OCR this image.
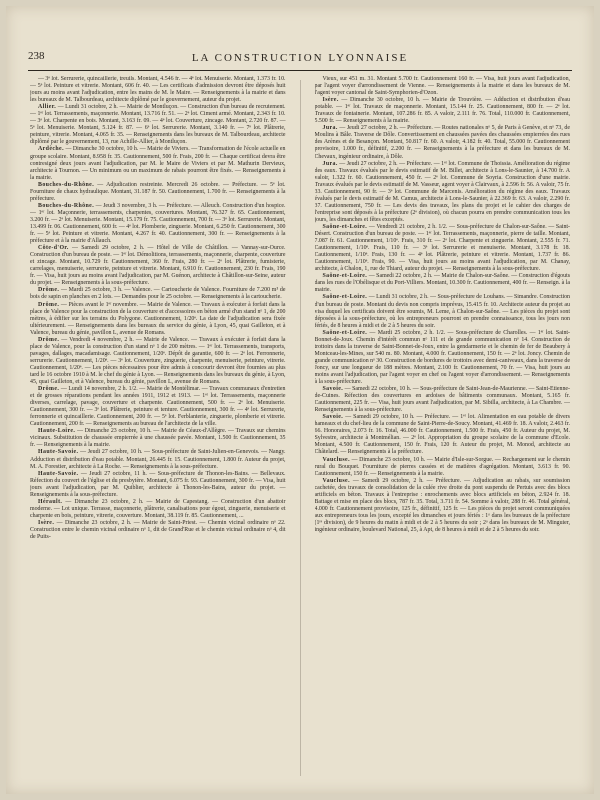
238	LA CONSTRUCTION LYONNAISE

— 3ᵉ lot. Serrurerie, quincaillerie, treuils. Montant, 4.546 fr. — 4ᵉ lot. Menuiserie. Montant, 1.373 fr. 10. — 5ᵉ lot. Peinture et vitrerie. Montant, 606 fr. 40. — Les certificats d'admission devront être déposés huit jours au moins avant l'adjudication, entre les mains de M. le Maire. — Renseignements à la mairie et dans les bureaux de M. Talbourdeau, architecte diplômé par le gouvernement, auteur du projet.

Allier. — Lundi 31 octobre, 2 h. — Mairie de Montluçon. — Construction d'un bureau de recrutement. — 1ᵉʳ lot. Terrassements, maçonnerie. Montant, 13.716 fr. 51. — 2ᵉ lot. Ciment armé. Montant, 2.343 fr. 10. — 3ᵉ lot. Charpente en bois. Montant, 3.163 fr. 09. — 4ᵉ lot. Couverture, zincage. Montant, 2.720 fr. 87. — 5ᵉ lot. Menuiserie. Montant, 5.124 fr. 87. — 6ᵉ lot. Serrurerie. Montant, 3.140 fr. — 7ᵉ lot. Plâtrerie, peinture, vitrerie. Montant, 4.065 fr. 35. — Renseignements dans les bureaux de M. Talbourdeau, architecte diplômé par le gouvernement, 13, rue Achille-Allier, à Montluçon.

Ardèche. — Dimanche 30 octobre, 10 h. — Mairie de Viviers. — Transformation de l'école actuelle en groupe scolaire. Montant, 8.958 fr. 35. Cautionnement, 500 fr. Frais, 200 fr. — Chaque certificat devra être contresigné deux jours avant l'adjudication, par M. le Maire de Viviers et par M. Mathurin Dervieux, architecte à Tournon. — Un minimum ou un maximum de rabais pourront être fixés. — Renseignements à la mairie.

Bouches-du-Rhône. — Adjudication restreinte. Mercredi 26 octobre. — Préfecture. — 5ᵉ lot. Fourniture de chaux hydraulique. Montant, 31.187 fr. 50. Cautionnement, 1.700 fr. — Renseignements à la préfecture.

Bouches-du-Rhône. — Jeudi 3 novembre, 3 h. — Préfecture. — Alleuch. Construction d'un hospice. — 1ᵉʳ lot. Maçonnerie, terrassements, charpentes, couvertures. Montant, 76.327 fr. 65. Cautionnement, 3.200 fr. — 2ᵉ lot. Menuiserie. Montant, 15.179 fr. 75. Cautionnement, 700 fr. — 3ᵉ lot. Serrurerie. Montant, 13.499 fr. 06. Cautionnement, 600 fr. — 4ᵉ lot. Plomberie, zinguerie. Montant, 6.250 fr. Cautionnement, 300 fr. — 5ᵉ lot. Peinture et vitrerie. Montant, 4.267 fr. 40. Cautionnement, 300 fr. — Renseignements à la préfecture et à la mairie d'Allauch.

Côte-d'Or. — Samedi 29 octobre, 2 h. — Hôtel de Ville de Châtillon. — Vannay-sur-Ource. Construction d'un bureau de poste. — 1ᵉʳ lot. Démolitions, terrassements, maçonnerie, charpente, couverture et zincage. Montant, 10.729 fr. Cautionnement, 360 fr. Frais, 280 fr. — 2ᵉ lot. Plâtrerie, fumisterie, carrelages, menuiserie, serrurerie, peinture et vitrerie. Montant, 6.910 fr. Cautionnement, 230 fr. Frais, 190 fr. — Visa, huit jours au moins avant l'adjudication, par M. Guénon, architecte à Châtillon-sur-Seine, auteur du projet. — Renseignements à la sous-préfecture.

Drôme. — Mardi 25 octobre, 3 h. — Valence. — Cartoucherie de Valence. Fourniture de 7.200 m³ de bois de sapin en planches en 2 lots. — Demandes pour le 25 octobre. — Renseignements à la cartoucherie.

Drôme. — Pièces avant le 1ᵉʳ novembre. — Mairie de Valence. — Travaux à exécuter à forfait dans la place de Valence pour la construction de la couverture et d'accessoires en béton armé d'un stand nᵒ 1, de 200 mètres, à édifier sur les terrains du Polygone. Cautionnement, 1/20ᵉ. La date de l'adjudication sera fixée ultérieurement. — Renseignements dans les bureaux du service du génie, à Lyon, 45, quai Gailleton, et à Valence, bureau du génie, pavillon L, avenue de Romans.

Drôme. — Vendredi 4 novembre, 2 h. — Mairie de Valence. — Travaux à exécuter à forfait dans la place de Valence, pour la construction d'un stand nᵒ 1 de 200 mètres. — 1ᵉʳ lot. Terrassements, transports, pavages, dallages, macadamisage. Cautionnement, 1/20ᵉ. Dépôt de garantie, 600 fr. — 2ᵉ lot. Ferronnerie, serrurerie. Cautionnement, 1/20ᵉ. — 3ᵉ lot. Couverture, zinguerie, charpente, menuiserie, peinture, vitrerie. Cautionnement, 1/20ᵉ. — Les pièces nécessaires pour être admis à concourir devront être fournies au plus tard le 16 octobre 1910 à M. le chef du génie à Lyon. — Renseignements dans les bureaux du génie, à Lyon, 45, quai Gailleton, et à Valence, bureau du génie, pavillon L, avenue de Romans.

Drôme. — Lundi 14 novembre, 2 h. 1/2. — Mairie de Montélimar. — Travaux communaux d'entretien et de grosses réparations pendant les années 1911, 1912 et 1913. — 1ᵉʳ lot. Terrassements, maçonnerie diverses, carrelage, pavage, couverture et charpente. Cautionnement, 500 fr. — 2ᵉ lot. Menuiserie. Cautionnement, 300 fr. — 3ᵉ lot. Plâtrerie, peinture et tenture. Cautionnement, 300 fr. — 4ᵉ lot. Serrurerie, ferronnerie et quincaillerie. Cautionnement, 200 fr. — 5ᵉ lot. Ferblanterie, zinguerie, plomberie et vitrerie. Cautionnement, 200 fr. — Renseignements au bureau de l'architecte de la ville.

Haute-Loire. — Dimanche 23 octobre, 10 h. — Mairie de Céaux-d'Allègre. — Travaux sur chemins vicinaux. Substitution de chaussée empierrée à une chaussée pavée. Montant, 1.500 fr. Cautionnement, 35 fr. — Renseignements à la mairie.

Haute-Savoie. — Jeudi 27 octobre, 10 h. — Sous-préfecture de Saint-Julien-en-Genevois. — Nangy. Adduction et distribution d'eau potable. Montant, 26.445 fr. 15. Cautionnement, 1.800 fr. Auteur du projet, M. A. Forestier, architecte à La Roche. — Renseignements à la sous-préfecture.

Haute-Savoie. — Jeudi 27 octobre, 11 h. — Sous-préfecture de Thonon-les-Bains. — Bellevaux. Réfection du couvert de l'église et du presbytère. Montant, 6.075 fr. 93. Cautionnement, 300 fr. — Visa, huit jours avant l'adjudication, par M. Quiblier, architecte à Thonon-les-Bains, auteur du projet. — Renseignements à la sous-préfecture.

Hérault. — Dimanche 23 octobre, 2 h. — Mairie de Capestang. — Construction d'un abattoir moderne. — Lot unique. Terrasse, maçonnerie, plâtrerie, canalisations pour égout, zinguerie, menuiserie et charpente en bois, peinture, vitrerie, couverture. Montant, 38.119 fr. 85. Cautionnement, ...

Isère. — Dimanche 23 octobre, 2 h. — Mairie de Saint-Priest. — Chemin vicinal ordinaire nᵒ 22. Construction entre le chemin vicinal ordinaire nᵒ 1, dit de Grand'Rue et le chemin vicinal ordinaire nᵒ 4, dit de Puits-

Vieux, sur 451 m. 31. Montant 5.700 fr. Cautionnement 160 fr. — Visa, huit jours avant l'adjudication, par l'agent voyer d'arrondissement de Vienne. — Renseignements à la mairie et dans les bureaux de M. l'agent voyer cantonal de Saint-Symphorien-d'Ozon.

Isère. — Dimanche 30 octobre, 10 h. — Mairie de Trouvière. — Adduction et distribution d'eau potable. — 1ᵉʳ lot. Travaux de maçonnerie. Montant, 15.144 fr. 25. Cautionnement, 800 fr. — 2ᵉ lot. Travaux de fontainerie. Montant, 107.286 fr. 85. A valoir, 2.111 fr. 76. Total, 110.000 fr. Cautionnement, 5.500 fr. — Renseignements à la mairie.

Jura. — Jeudi 27 octobre, 2 h. — Préfecture. — Routes nationales nᵒ 5, de Paris à Genève, et nᵒ 73, de Moulins à Bâle. Traverse de Dôle. Convertissement en chaussées pavées des chaussées empierrées des rues des Arènes et de Besançon. Montant, 50.817 fr. 60. A valoir, 4.182 fr. 40. Total, 55.000 fr. Cautionnement provisoire, 1.000 fr., définitif, 2.200 fr. — Renseignements à la préfecture et dans les bureaux de M. Chevaux, ingénieur ordinaire, à Dôle.

Jura. — Jeudi 27 octobre, 2 h. — Préfecture. — 1ᵉʳ lot. Commune de Thoissia. Amélioration du régime des eaux. Travaux évalués par le devis estimatif de M. Billet, architecte à Lons-le-Saunier, à 14.700 fr. A valoir, 1.322 fr. 60. Cautionnement, 450 fr. — 2ᵉ lot. Commune de Soyria. Construction d'une mairie. Travaux évalués par le devis estimatif de M. Vasseur, agent voyer à Clairvaux, à 2.596 fr. 56. A valoir, 75 fr. 33. Cautionnement, 90 fr. — 3ᵉ lot. Commune de Marcenis. Amélioration du régime des eaux. Travaux évalués par le devis estimatif de M. Camus, architecte à Lons-le-Saunier, à 22.369 fr. 63. A valoir, 2.290 fr. 37. Cautionnement, 750 fr. — Les devis des travaux, les plans du projet et le cahier des charges de l'entreprise sont déposés à la préfecture (2ᵉ division), où chacun pourra en prendre communication tous les jours, les dimanches et fêtes exceptés.

Saône-et-Loire. — Vendredi 21 octobre, 2 h. 1/2. — Sous-préfecture de Chalon-sur-Saône. — Saint-Désert. Construction d'un bureau de poste. — 1ᵉʳ lot. Terrassements, maçonnerie, pierre de taille. Montant, 7.087 fr. 61. Cautionnement, 1/10ᵉ. Frais, 310 fr. — 2ᵉ lot. Charpente et zinguerie. Montant, 2.555 fr. 71. Cautionnement, 1/10ᵉ. Frais, 110 fr. — 3ᵉ lot. Serrurerie et menuiserie. Montant, 3.178 fr. 18. Cautionnement, 1/10ᵉ. Frais, 130 fr. — 4ᵉ lot. Plâtrerie, peinture et vitrerie. Montant, 1.737 fr. 86. Cautionnement, 1/10ᵉ. Frais, 90. — Visa, huit jours au moins avant l'adjudication, par M. Chanay, architecte, à Chalon, 1, rue de Thiard, auteur du projet. — Renseignements à la sous-préfecture.

Saône-et-Loire. — Samedi 22 octobre, 2 h. — Mairie de Chalon-sur-Saône. — Construction d'égouts dans les rues de l'Obélisque et du Port-Villiers. Montant, 10.300 fr. Cautionnement, 400 fr. — Renseign. à la mairie.

Saône-et-Loire. — Lundi 31 octobre, 2 h. — Sous-préfecture de Louhans. — Simandre. Construction d'un bureau de poste. Montant du devis non compris imprévus, 15.415 fr. 10. Architecte auteur du projet au visa duquel les certificats doivent être soumis, M. Leme, à Chalon-sur-Saône. — Les pièces du projet sont déposées à la sous-préfecture, où les entrepreneurs pourront en prendre connaissance, tous les jours non fériés, de 8 heures à midi et de 2 à 5 heures du soir.

Saône-et-Loire. — Mardi 25 octobre, 2 h. 1/2. — Sous-préfecture de Charolles. — 1ᵉʳ lot. Saint-Bonnet-de-Joux. Chemin d'intérêt commun nᵒ 111 et de grande communication nᵒ 14. Construction de trottoirs dans la traverse de Saint-Bonnet-de-Joux, entre la gendarmerie et le chemin de fer de Beaubery à Montceau-les-Mines, sur 540 m. 80. Montant, 4.000 fr. Cautionnement, 150 fr. — 2ᵉ lot. Joncy. Chemin de grande communication nᵒ 30. Construction de bordures de trottoirs avec demi-caniveaux, dans la traverse de Joncy, sur une longueur de 188 mètres. Montant, 2.100 fr. Cautionnement, 70 fr. — Visa, huit jours au moins avant l'adjudication, par l'agent voyer en chef ou l'agent voyer d'arrondissement. — Renseignements à la sous-préfecture.

Savoie. — Samedi 22 octobre, 10 h. — Sous-préfecture de Saint-Jean-de-Maurienne. — Saint-Etienne-de-Cuines. Réfection des couvertures en ardoises de bâtiments communaux. Montant, 5.165 fr. Cautionnement, 225 fr. — Visa, huit jours avant l'adjudication, par M. Sibilla, architecte, à La Chambre. — Renseignements à la sous-préfecture.

Savoie. — Samedi 29 octobre, 10 h. — Préfecture. — 1ᵉʳ lot. Alimentation en eau potable de divers hameaux et du chef-lieu de la commune de Saint-Pierre-de-Soucy. Montant, 41.469 fr. 18. A valoir, 2.463 fr. 66. Honoraires, 2.073 fr. 16. Total, 46.000 fr. Cautionnement, 1.500 fr. Frais, 450 fr. Auteur du projet, M. Sylvestre, architecte à Montmélian. — 2ᵉ lot. Appropriation du groupe scolaire de la commune d'Ecole. Montant, 4.500 fr. Cautionnement, 150 fr. Frais, 120 fr. Auteur du projet, M. Monod, architecte au Châtelard. — Renseignements à la préfecture.

Vaucluse. — Dimanche 23 octobre, 10 h. — Mairie d'Isle-sur-Sorgue. — Rechargement sur le chemin rural du Bouquet. Fourniture de pierres cassées et de matières d'agrégation. Montant, 3.613 fr. 90. Cautionnement, 150 fr. — Renseignements à la mairie.

Vaucluse. — Samedi 29 octobre, 2 h. — Préfecture. — Adjudication au rabais, sur soumission cachetée, des travaux de consolidation de la culée rive droite du pont suspendu de Pertuis avec des blocs artificiels en béton. Travaux à l'entreprise : enrochements avec blocs artificiels en béton, 2.924 fr. 18. Battage et mise en place des blocs, 787 fr. 35. Total, 3.711 fr. 54. Somme à valoir, 288 fr. 46. Total général, 4.000 fr. Cautionnement provisoire, 125 fr., définitif, 125 fr. — Les pièces du projet seront communiquées aux entrepreneurs tous les jours, excepté les dimanches et jours fériés : 1ᵒ dans les bureaux de la préfecture (1ʳᵉ division), de 9 heures du matin à midi et de 2 à 5 heures du soir ; 2ᵒ dans les bureaux de M. Minguier, ingénieur ordinaire, boulevard National, 25, à Apt, de 8 heures à midi et de 2 à 5 heures du soir.
